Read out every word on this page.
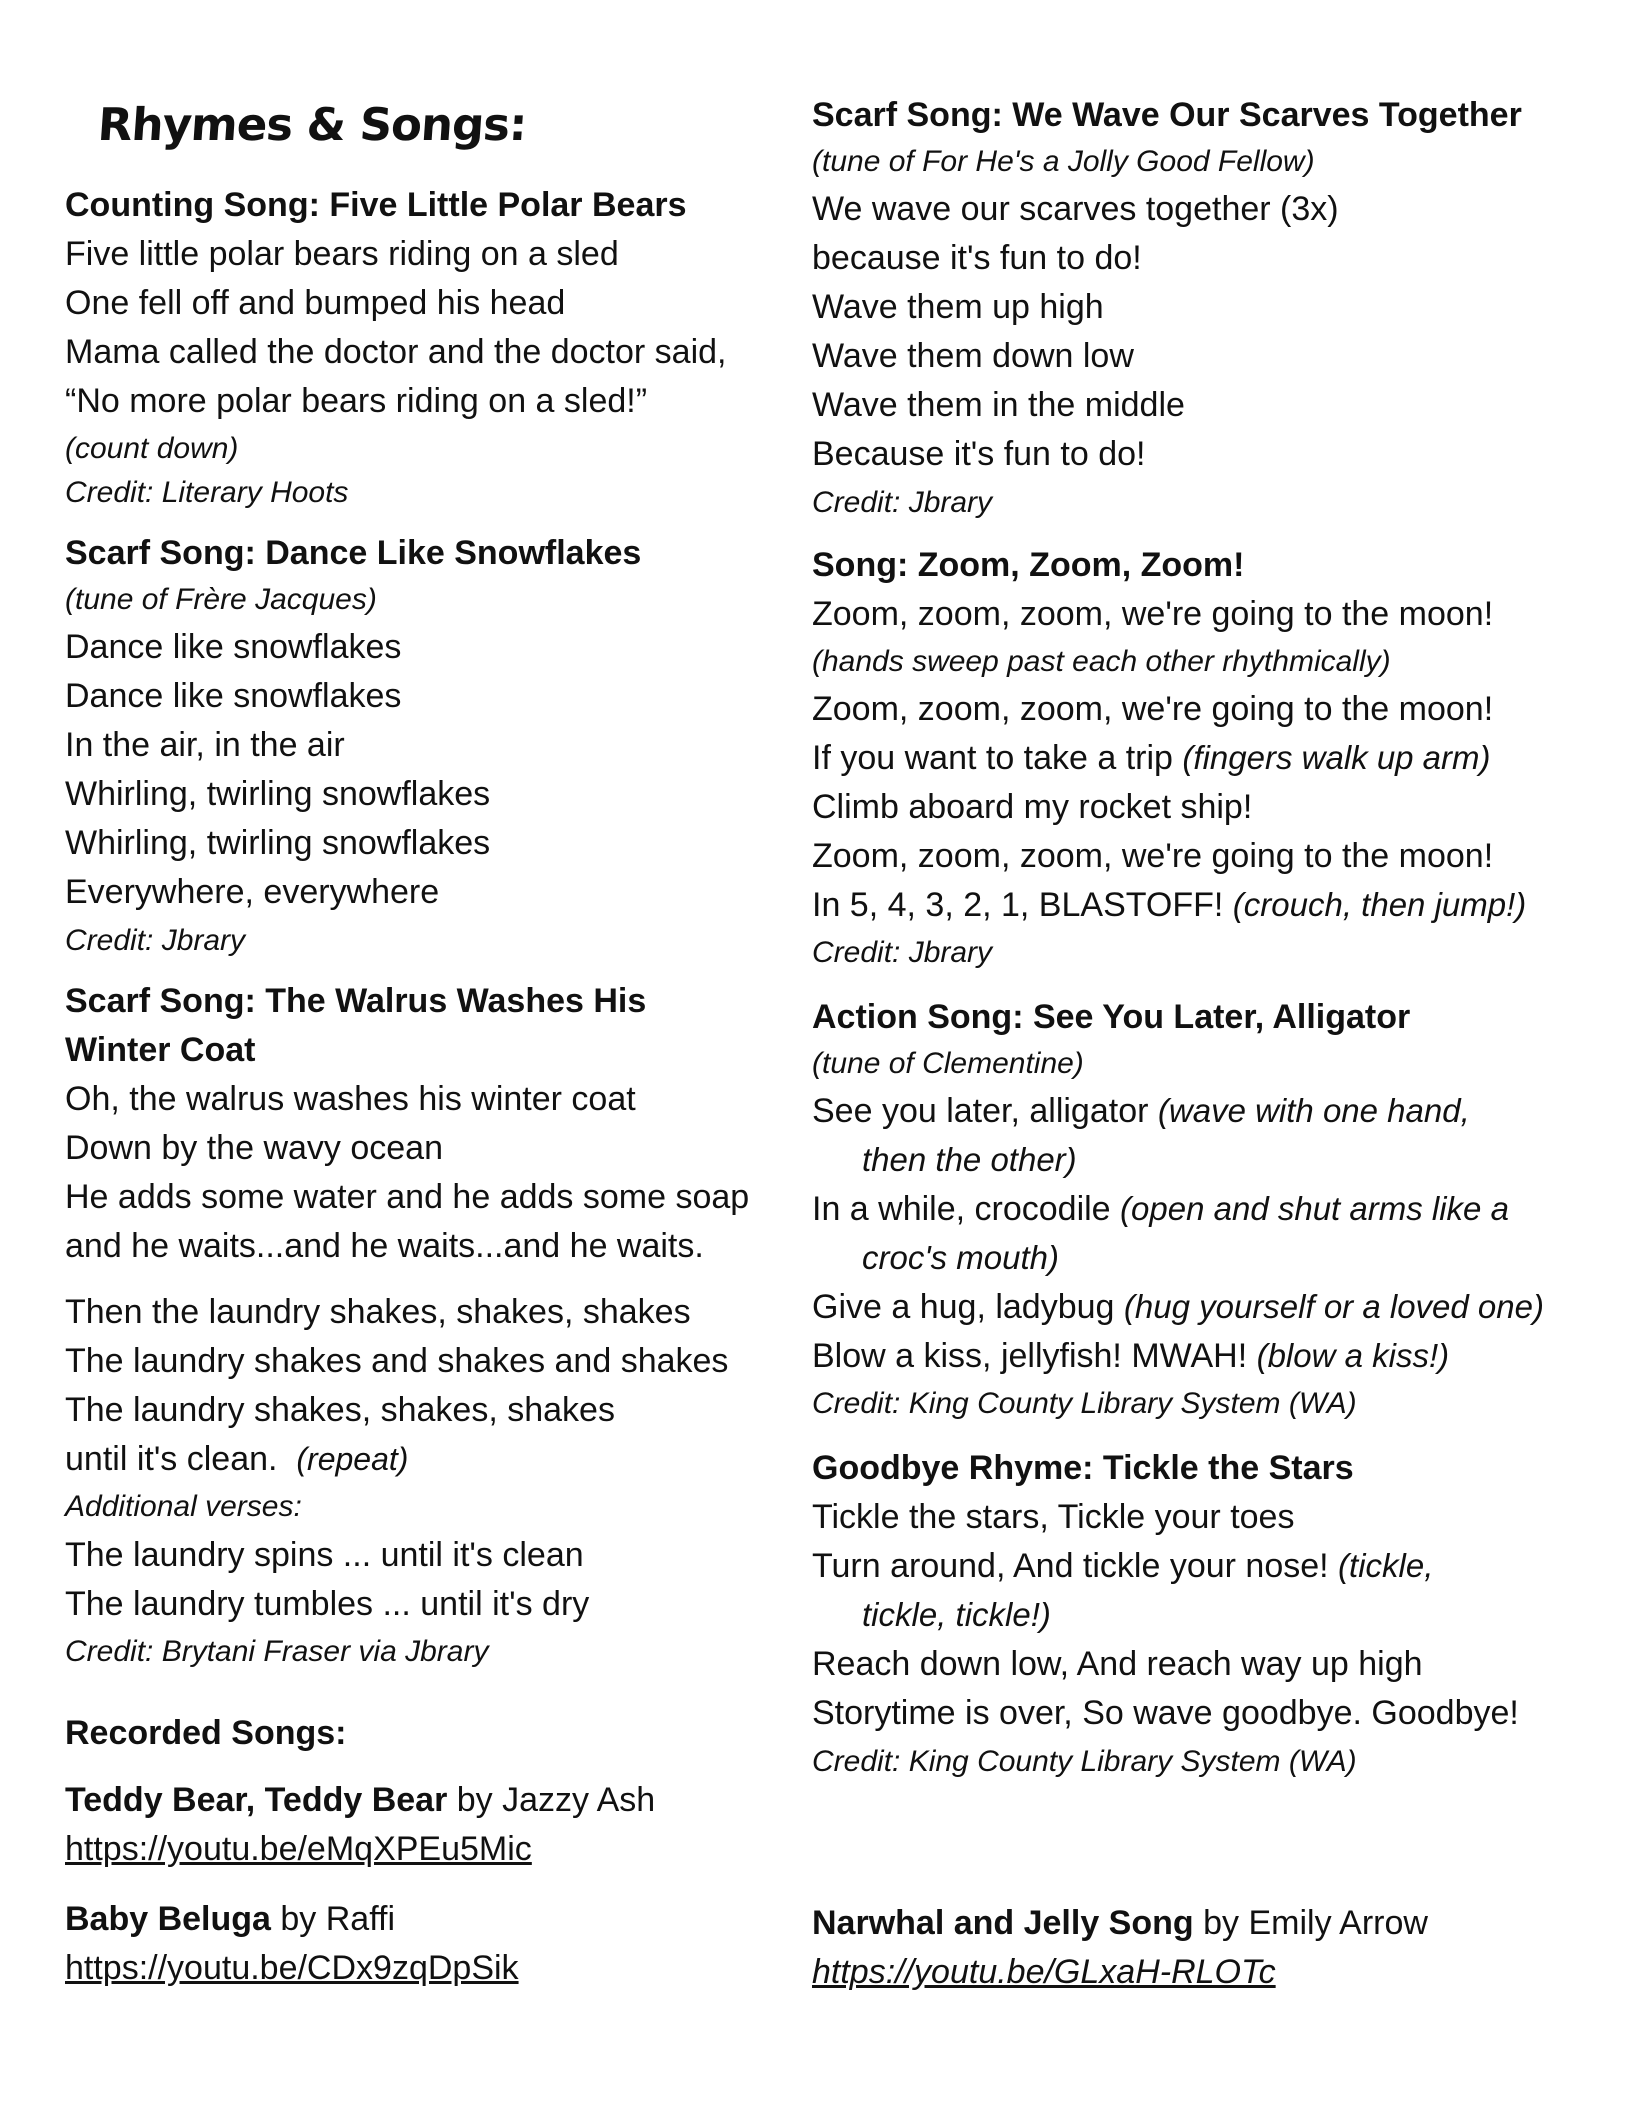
Rhymes & Songs:
Counting Song: Five Little Polar Bears
Five little polar bears riding on a sled
One fell off and bumped his head
Mama called the doctor and the doctor said,
“No more polar bears riding on a sled!”
(count down)
Credit: Literary Hoots
Scarf Song: Dance Like Snowflakes
(tune of Frère Jacques)
Dance like snowflakes
Dance like snowflakes
In the air, in the air
Whirling, twirling snowflakes
Whirling, twirling snowflakes
Everywhere, everywhere
Credit: Jbrary
Scarf Song: The Walrus Washes His
Winter Coat
Oh, the walrus washes his winter coat
Down by the wavy ocean
He adds some water and he adds some soap
and he waits...and he waits...and he waits.
Then the laundry shakes, shakes, shakes
The laundry shakes and shakes and shakes
The laundry shakes, shakes, shakes
until it's clean. (repeat)
Additional verses:
The laundry spins ... until it's clean
The laundry tumbles ... until it's dry
Credit: Brytani Fraser via Jbrary
Recorded Songs:
Teddy Bear, Teddy Bear by Jazzy Ash
https://youtu.be/eMqXPEu5Mic
Baby Beluga by Raffi
https://youtu.be/CDx9zqDpSik
Scarf Song: We Wave Our Scarves Together
(tune of For He's a Jolly Good Fellow)
We wave our scarves together (3x)
because it's fun to do!
Wave them up high
Wave them down low
Wave them in the middle
Because it's fun to do!
Credit: Jbrary
Song: Zoom, Zoom, Zoom!
Zoom, zoom, zoom, we're going to the moon!
(hands sweep past each other rhythmically)
Zoom, zoom, zoom, we're going to the moon!
If you want to take a trip (fingers walk up arm)
Climb aboard my rocket ship!
Zoom, zoom, zoom, we're going to the moon!
In 5, 4, 3, 2, 1, BLASTOFF! (crouch, then jump!)
Credit: Jbrary
Action Song: See You Later, Alligator
(tune of Clementine)
See you later, alligator (wave with one hand,
then the other)
In a while, crocodile (open and shut arms like a
croc's mouth)
Give a hug, ladybug (hug yourself or a loved one)
Blow a kiss, jellyfish! MWAH! (blow a kiss!)
Credit: King County Library System (WA)
Goodbye Rhyme: Tickle the Stars
Tickle the stars, Tickle your toes
Turn around, And tickle your nose! (tickle,
tickle, tickle!)
Reach down low, And reach way up high
Storytime is over, So wave goodbye. Goodbye!
Credit: King County Library System (WA)
Narwhal and Jelly Song by Emily Arrow
https://youtu.be/GLxaH-RLOTc
